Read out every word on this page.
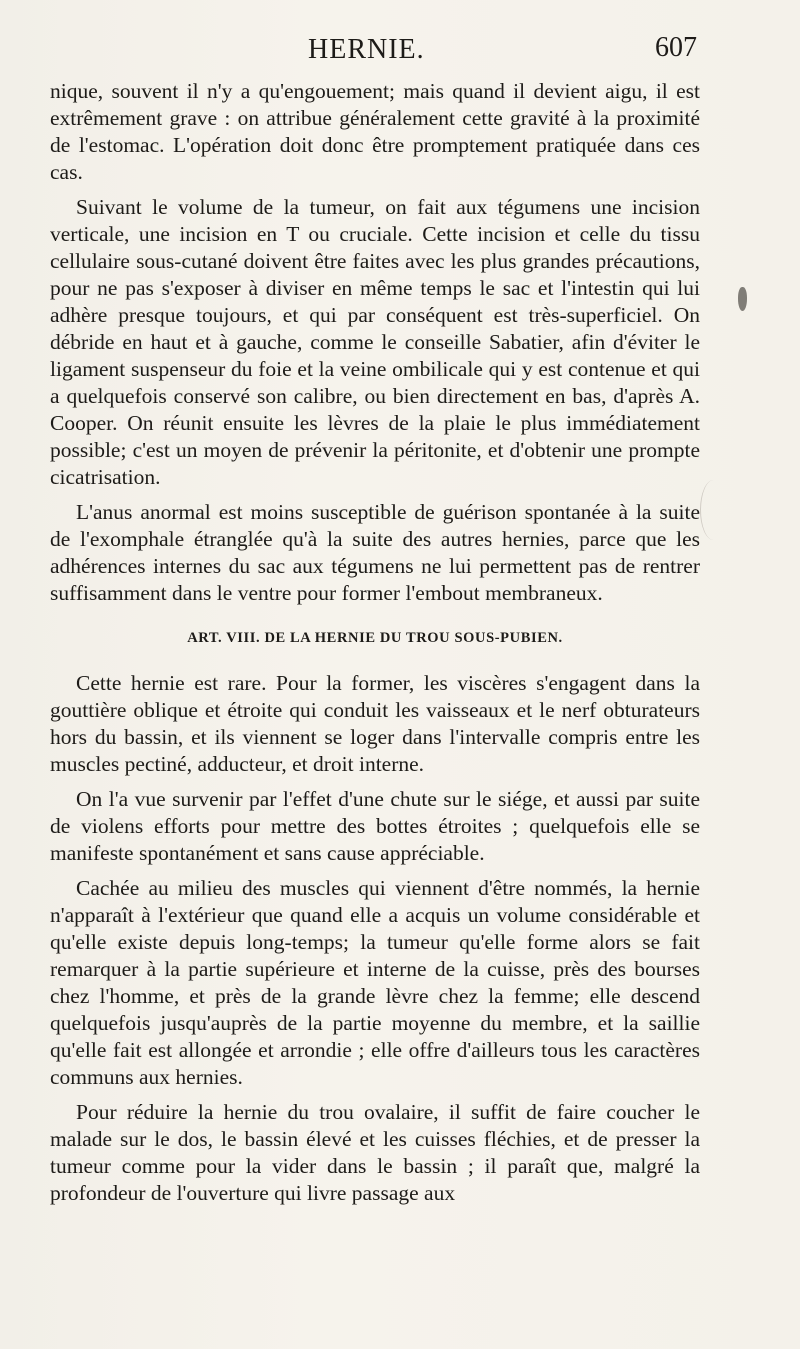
HERNIE.	607

nique, souvent il n'y a qu'engouement; mais quand il devient aigu, il est extrêmement grave : on attribue généralement cette gravité à la proximité de l'estomac. L'opération doit donc être promptement pratiquée dans ces cas.

Suivant le volume de la tumeur, on fait aux tégumens une incision verticale, une incision en T ou cruciale. Cette incision et celle du tissu cellulaire sous-cutané doivent être faites avec les plus grandes précautions, pour ne pas s'exposer à diviser en même temps le sac et l'intestin qui lui adhère presque toujours, et qui par conséquent est très-superficiel. On débride en haut et à gauche, comme le conseille Sabatier, afin d'éviter le ligament suspenseur du foie et la veine ombilicale qui y est contenue et qui a quelquefois conservé son calibre, ou bien directement en bas, d'après A. Cooper. On réunit ensuite les lèvres de la plaie le plus immédiatement possible; c'est un moyen de prévenir la péritonite, et d'obtenir une prompte cicatrisation.

L'anus anormal est moins susceptible de guérison spontanée à la suite de l'exomphale étranglée qu'à la suite des autres hernies, parce que les adhérences internes du sac aux tégumens ne lui permettent pas de rentrer suffisamment dans le ventre pour former l'embout membraneux.

ART. VIII. DE LA HERNIE DU TROU SOUS-PUBIEN.

Cette hernie est rare. Pour la former, les viscères s'engagent dans la gouttière oblique et étroite qui conduit les vaisseaux et le nerf obturateurs hors du bassin, et ils viennent se loger dans l'intervalle compris entre les muscles pectiné, adducteur, et droit interne.

On l'a vue survenir par l'effet d'une chute sur le siége, et aussi par suite de violens efforts pour mettre des bottes étroites ; quelquefois elle se manifeste spontanément et sans cause appréciable.

Cachée au milieu des muscles qui viennent d'être nommés, la hernie n'apparaît à l'extérieur que quand elle a acquis un volume considérable et qu'elle existe depuis long-temps; la tumeur qu'elle forme alors se fait remarquer à la partie supérieure et interne de la cuisse, près des bourses chez l'homme, et près de la grande lèvre chez la femme; elle descend quelquefois jusqu'auprès de la partie moyenne du membre, et la saillie qu'elle fait est allongée et arrondie ; elle offre d'ailleurs tous les caractères communs aux hernies.

Pour réduire la hernie du trou ovalaire, il suffit de faire coucher le malade sur le dos, le bassin élevé et les cuisses fléchies, et de presser la tumeur comme pour la vider dans le bassin ; il paraît que, malgré la profondeur de l'ouverture qui livre passage aux
